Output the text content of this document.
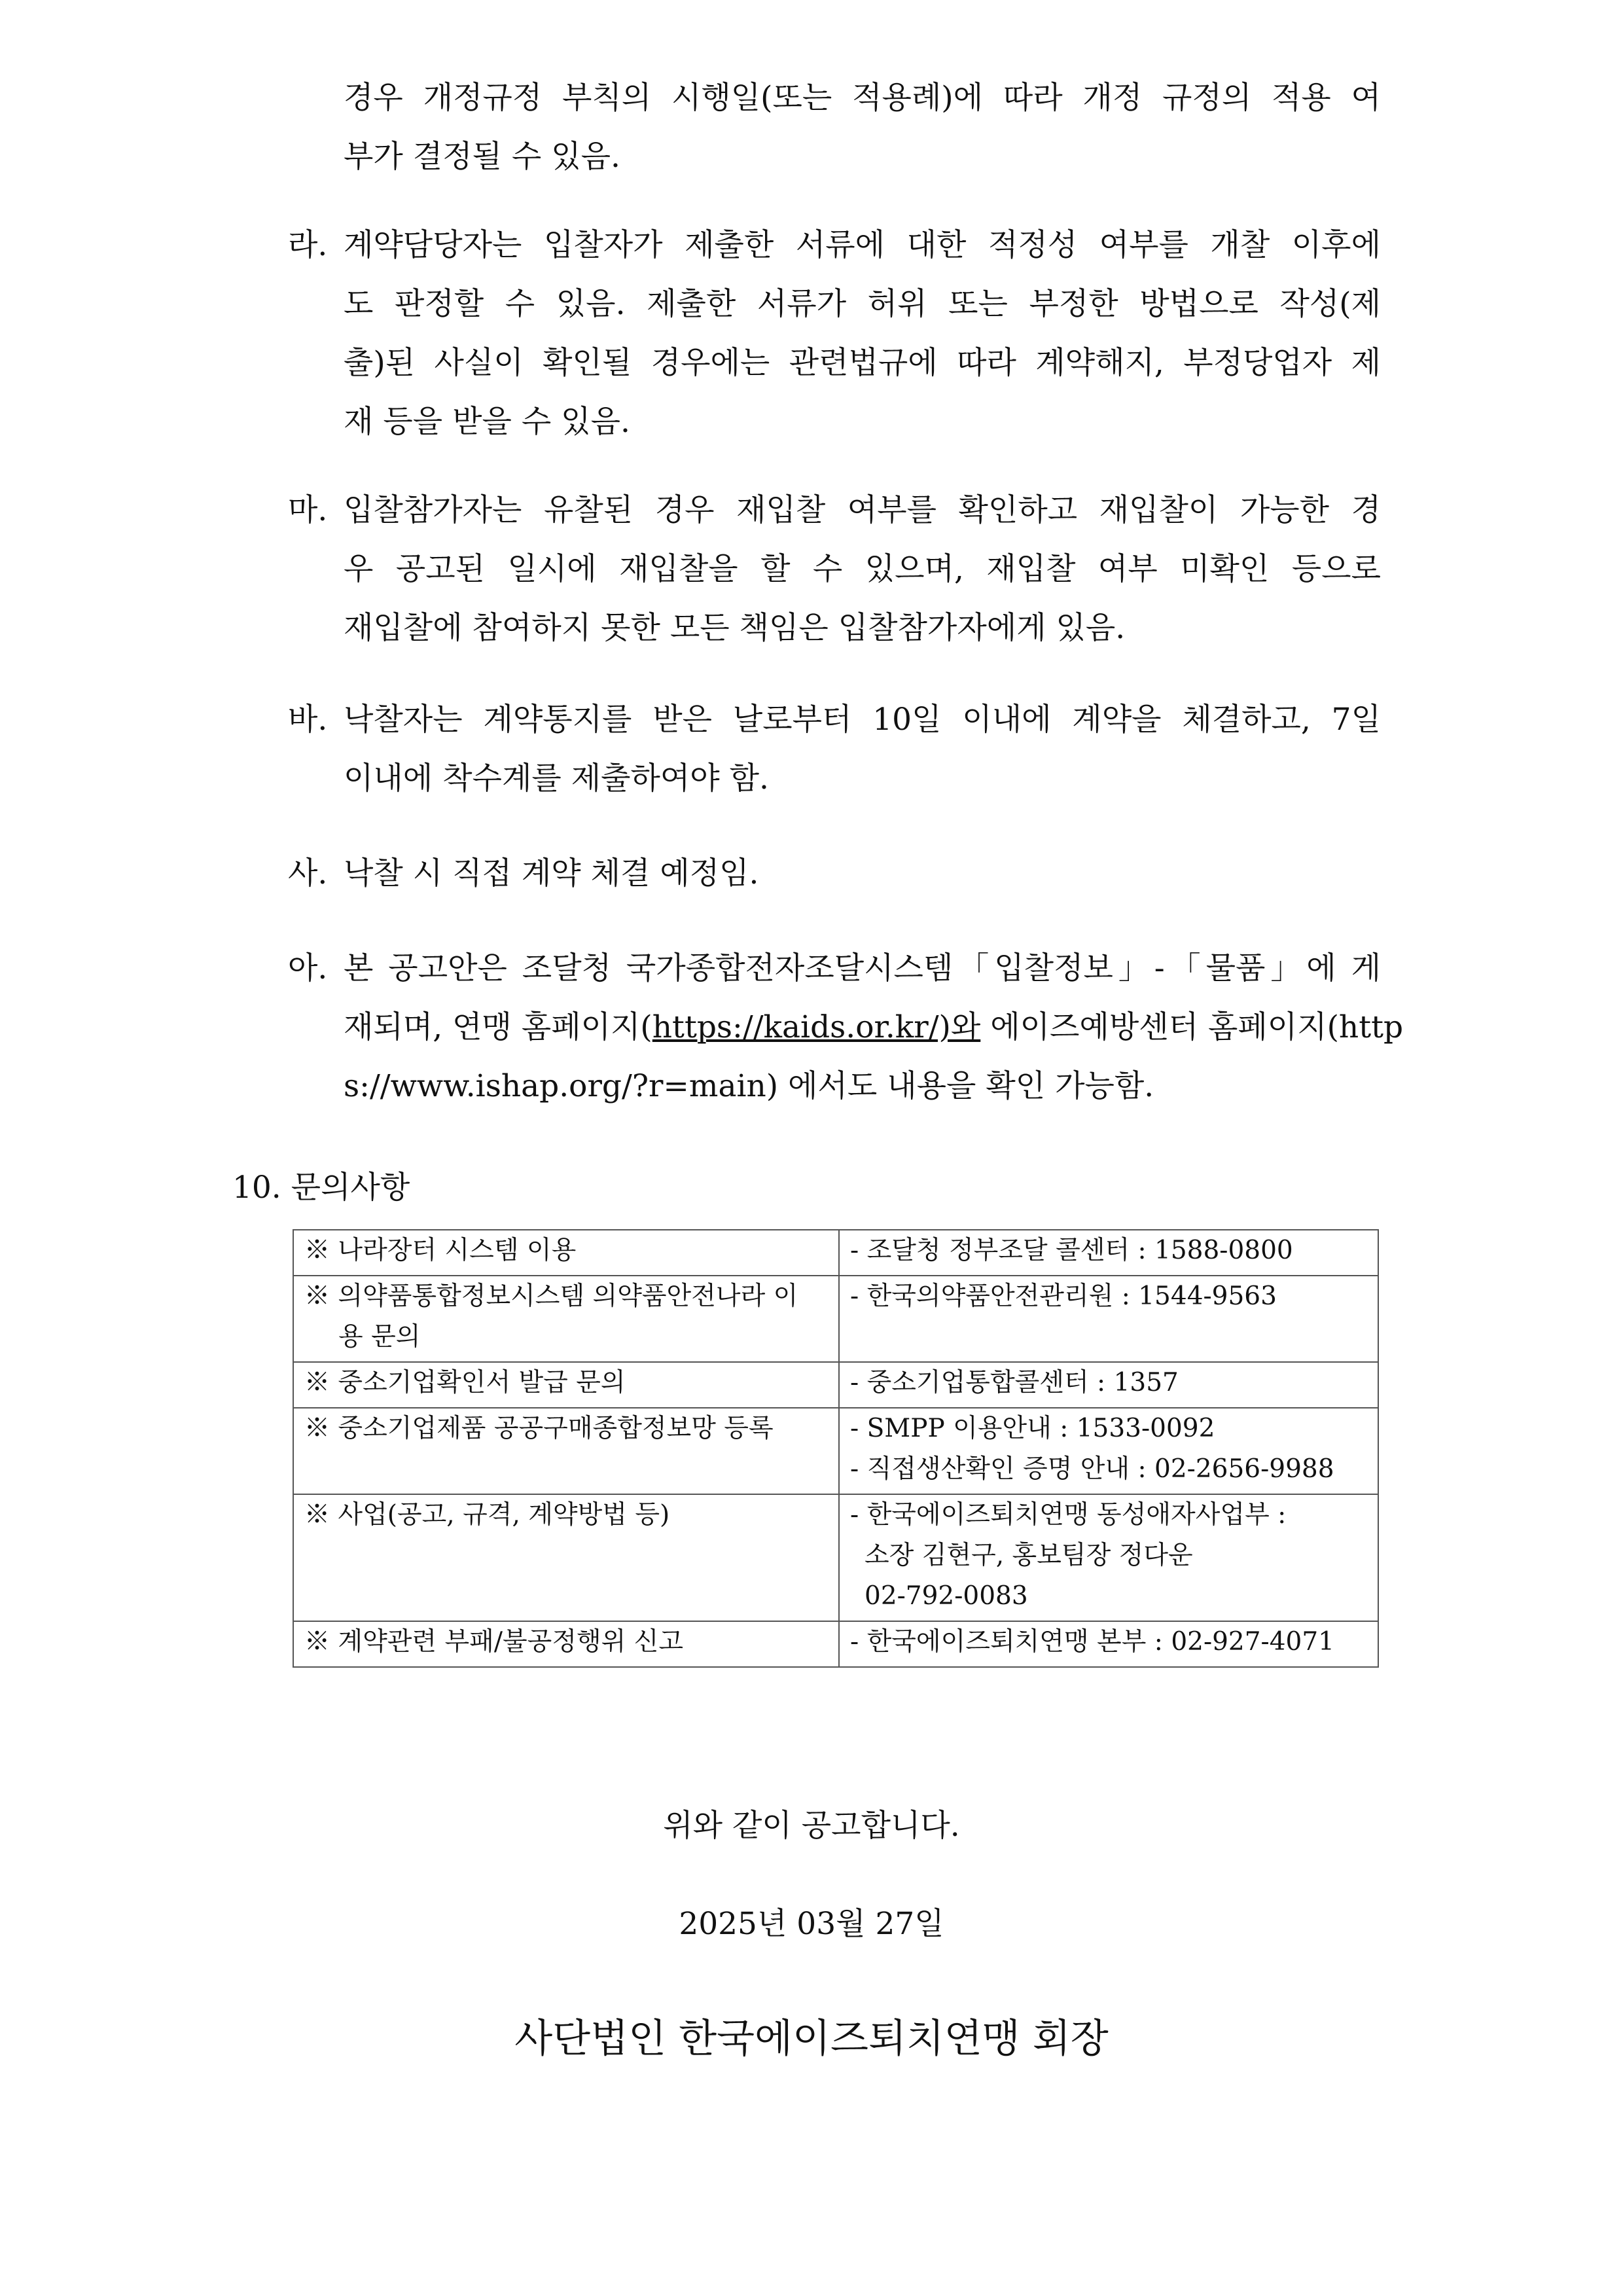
경우 개정규정 부칙의 시행일(또는 적용례)에 따라 개정 규정의 적용 여
부가 결정될 수 있음.
라. 계약담당자는 입찰자가 제출한 서류에 대한 적정성 여부를 개찰 이후에
도 판정할 수 있음. 제출한 서류가 허위 또는 부정한 방법으로 작성(제
출)된 사실이 확인될 경우에는 관련법규에 따라 계약해지, 부정당업자 제
재 등을 받을 수 있음.
마. 입찰참가자는 유찰된 경우 재입찰 여부를 확인하고 재입찰이 가능한 경
우 공고된 일시에 재입찰을 할 수 있으며, 재입찰 여부 미확인 등으로
재입찰에 참여하지 못한 모든 책임은 입찰참가자에게 있음.
바. 낙찰자는 계약통지를 받은 날로부터 10일 이내에 계약을 체결하고, 7일
이내에 착수계를 제출하여야 함.
사. 낙찰 시 직접 계약 체결 예정임.
아. 본 공고안은 조달청 국가종합전자조달시스템「입찰정보」-「물품」에 게
재되며, 연맹 홈페이지(https://kaids.or.kr/)와 에이즈예방센터 홈페이지(http
s://www.ishap.org/?r=main) 에서도 내용을 확인 가능함.
10. 문의사항
※ 나라장터 시스템 이용	- 조달청 정부조달 콜센터 : 1588-0800

※ 의약품통합정보시스템 의약품안전나라 이
용 문의	- 한국의약품안전관리원 : 1544-9563

※ 중소기업확인서 발급 문의	- 중소기업통합콜센터 : 1357

※ 중소기업제품 공공구매종합정보망 등록	- SMPP 이용안내 : 1533-0092
- 직접생산확인 증명 안내 : 02-2656-9988

※ 사업(공고, 규격, 계약방법 등)	- 한국에이즈퇴치연맹 동성애자사업부 :
소장 김현구, 홍보팀장 정다운
02-792-0083

※ 계약관련 부패/불공정행위 신고	- 한국에이즈퇴치연맹 본부 : 02-927-4071
위와 같이 공고합니다.
2025년 03월 27일
사단법인 한국에이즈퇴치연맹 회장
